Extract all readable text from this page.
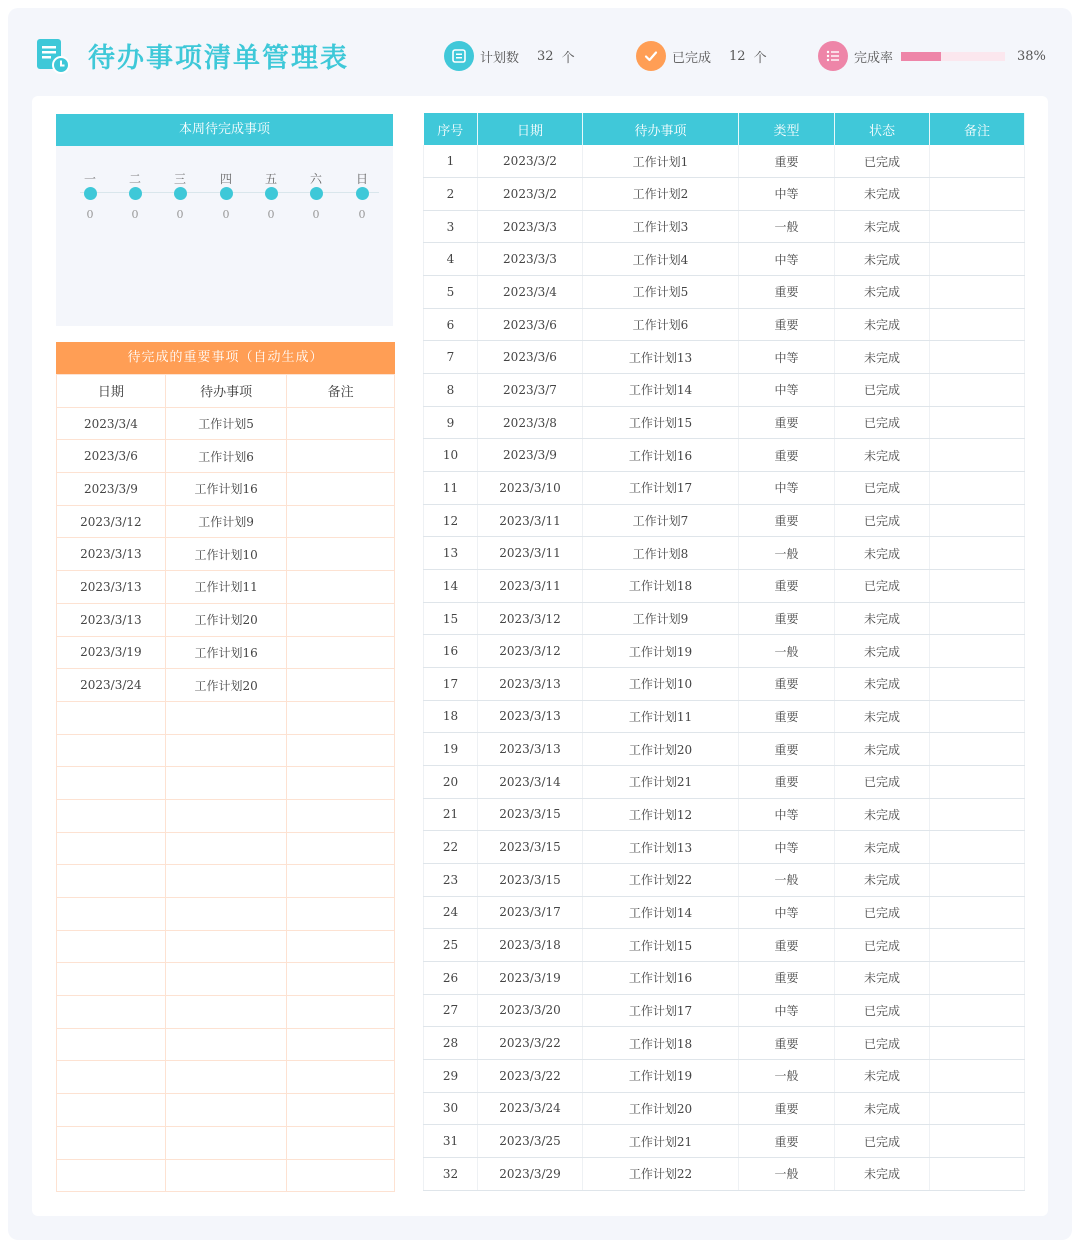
待办事项清单管理表	计划数 32 个	已完成 12 个	完成率	38%
本周待完成事项
一
0
二
0
三
0
四
0
五
0
六
0
日
0
待完成的重要事项（自动生成）
日期	待办事项	备注
2023/3/4	工作计划5	
2023/3/6	工作计划6	
2023/3/9	工作计划16	
2023/3/12	工作计划9	
2023/3/13	工作计划10	
2023/3/13	工作计划11	
2023/3/13	工作计划20	
2023/3/19	工作计划16	
2023/3/24	工作计划20	

序号	日期	待办事项	类型	状态	备注
1	2023/3/2	工作计划1	重要	已完成	
2	2023/3/2	工作计划2	中等	未完成	
3	2023/3/3	工作计划3	一般	未完成	
4	2023/3/3	工作计划4	中等	未完成	
5	2023/3/4	工作计划5	重要	未完成	
6	2023/3/6	工作计划6	重要	未完成	
7	2023/3/6	工作计划13	中等	未完成	
8	2023/3/7	工作计划14	中等	已完成	
9	2023/3/8	工作计划15	重要	已完成	
10	2023/3/9	工作计划16	重要	未完成	
11	2023/3/10	工作计划17	中等	已完成	
12	2023/3/11	工作计划7	重要	已完成	
13	2023/3/11	工作计划8	一般	未完成	
14	2023/3/11	工作计划18	重要	已完成	
15	2023/3/12	工作计划9	重要	未完成	
16	2023/3/12	工作计划19	一般	未完成	
17	2023/3/13	工作计划10	重要	未完成	
18	2023/3/13	工作计划11	重要	未完成	
19	2023/3/13	工作计划20	重要	未完成	
20	2023/3/14	工作计划21	重要	已完成	
21	2023/3/15	工作计划12	中等	未完成	
22	2023/3/15	工作计划13	中等	未完成	
23	2023/3/15	工作计划22	一般	未完成	
24	2023/3/17	工作计划14	中等	已完成	
25	2023/3/18	工作计划15	重要	已完成	
26	2023/3/19	工作计划16	重要	未完成	
27	2023/3/20	工作计划17	中等	已完成	
28	2023/3/22	工作计划18	重要	已完成	
29	2023/3/22	工作计划19	一般	未完成	
30	2023/3/24	工作计划20	重要	未完成	
31	2023/3/25	工作计划21	重要	已完成	
32	2023/3/29	工作计划22	一般	未完成	
